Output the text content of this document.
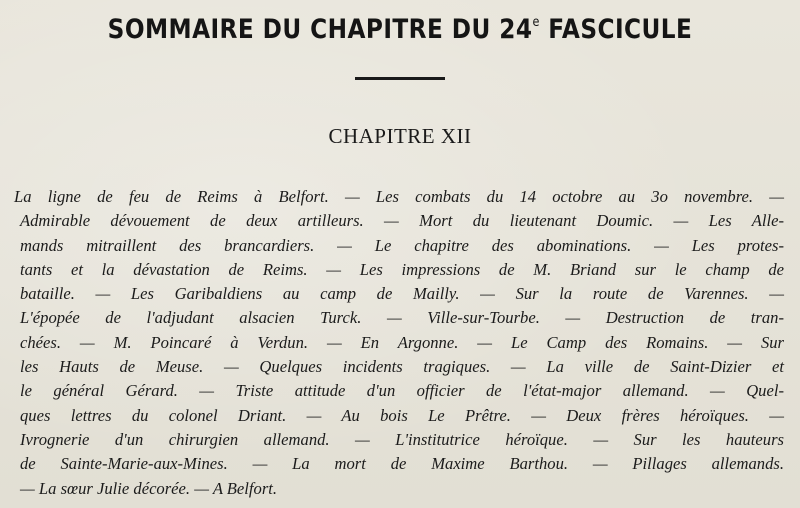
SOMMAIRE DU CHAPITRE DU 24e FASCICULE
CHAPITRE XII
La ligne de feu de Reims à Belfort. — Les combats du 14 octobre au 3o novembre. —
Admirable dévouement de deux artilleurs. — Mort du lieutenant Doumic. — Les Alle-
mands mitraillent des brancardiers. — Le chapitre des abominations. — Les protes-
tants et la dévastation de Reims. — Les impressions de M. Briand sur le champ de
bataille. — Les Garibaldiens au camp de Mailly. — Sur la route de Varennes. —
L'épopée de l'adjudant alsacien Turck. — Ville-sur-Tourbe. — Destruction de tran-
chées. — M. Poincaré à Verdun. — En Argonne. — Le Camp des Romains. — Sur
les Hauts de Meuse. — Quelques incidents tragiques. — La ville de Saint-Dizier et
le général Gérard. — Triste attitude d'un officier de l'état-major allemand. — Quel-
ques lettres du colonel Driant. — Au bois Le Prêtre. — Deux frères héroïques. —
Ivrognerie d'un chirurgien allemand. — L'institutrice héroïque. — Sur les hauteurs
de Sainte-Marie-aux-Mines. — La mort de Maxime Barthou. — Pillages allemands.
— La sœur Julie décorée. — A Belfort.
